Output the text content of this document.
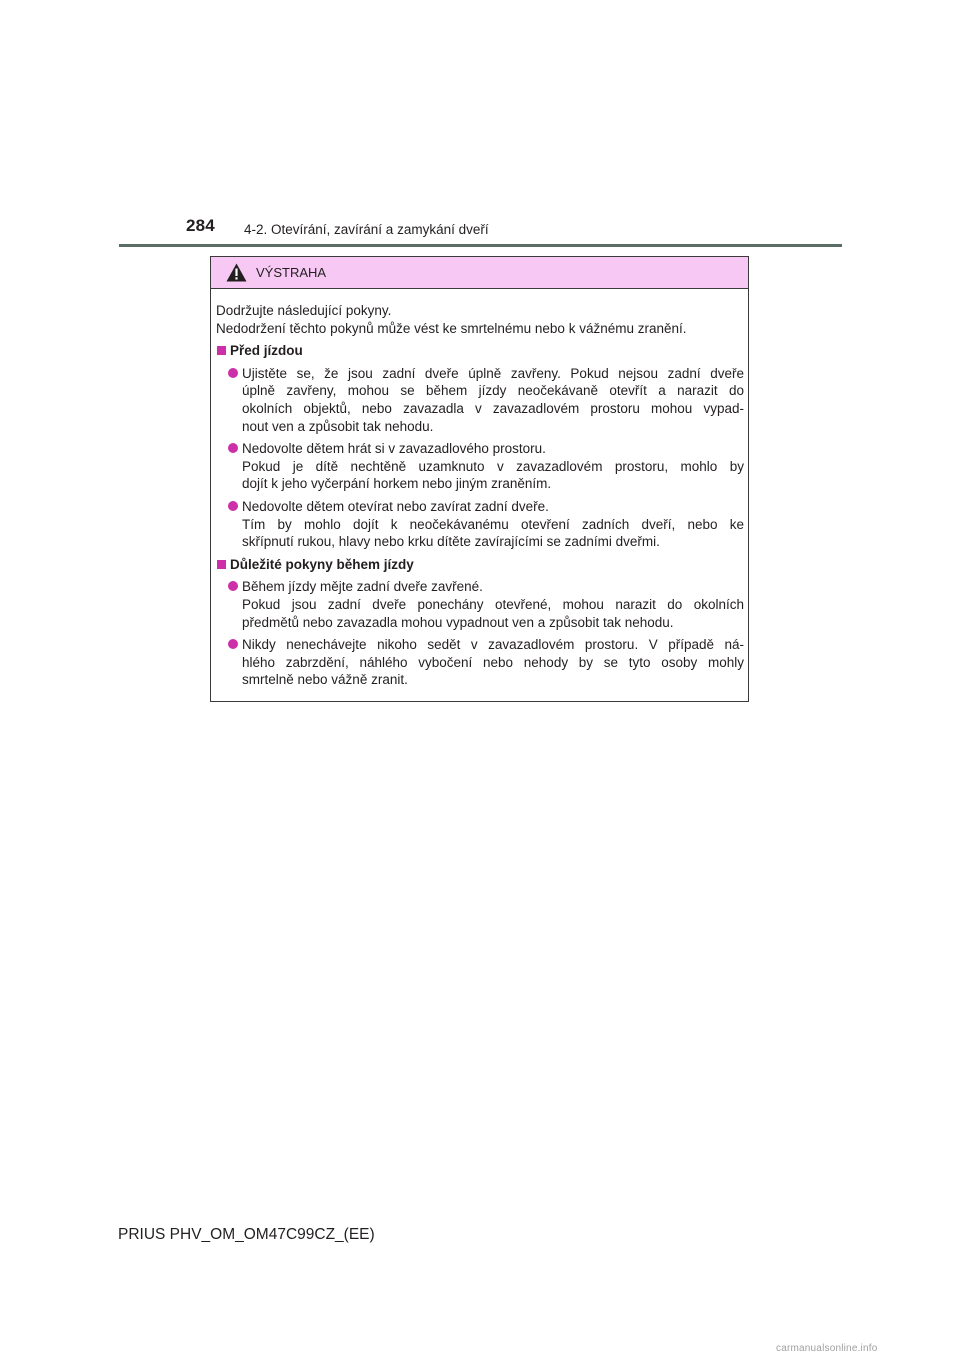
284 4-2. Otevírání, zavírání a zamykání dveří
VÝSTRAHA
Dodržujte následující pokyny.
Nedodržení těchto pokynů může vést ke smrtelnému nebo k vážnému zranění.
Před jízdou
Ujistěte se, že jsou zadní dveře úplně zavřeny. Pokud nejsou zadní dveře
úplně zavřeny, mohou se během jízdy neočekávaně otevřít a narazit do
okolních objektů, nebo zavazadla v zavazadlovém prostoru mohou vypad-
nout ven a způsobit tak nehodu.
Nedovolte dětem hrát si v zavazadlového prostoru.
Pokud je dítě nechtěně uzamknuto v zavazadlovém prostoru, mohlo by
dojít k jeho vyčerpání horkem nebo jiným zraněním.
Nedovolte dětem otevírat nebo zavírat zadní dveře.
Tím by mohlo dojít k neočekávanému otevření zadních dveří, nebo ke
skřípnutí rukou, hlavy nebo krku dítěte zavírajícími se zadními dveřmi.
Důležité pokyny během jízdy
Během jízdy mějte zadní dveře zavřené.
Pokud jsou zadní dveře ponechány otevřené, mohou narazit do okolních
předmětů nebo zavazadla mohou vypadnout ven a způsobit tak nehodu.
Nikdy nenechávejte nikoho sedět v zavazadlovém prostoru. V případě ná-
hlého zabrzdění, náhlého vybočení nebo nehody by se tyto osoby mohly
smrtelně nebo vážně zranit.
PRIUS PHV_OM_OM47C99CZ_(EE)
carmanualsonline.info
